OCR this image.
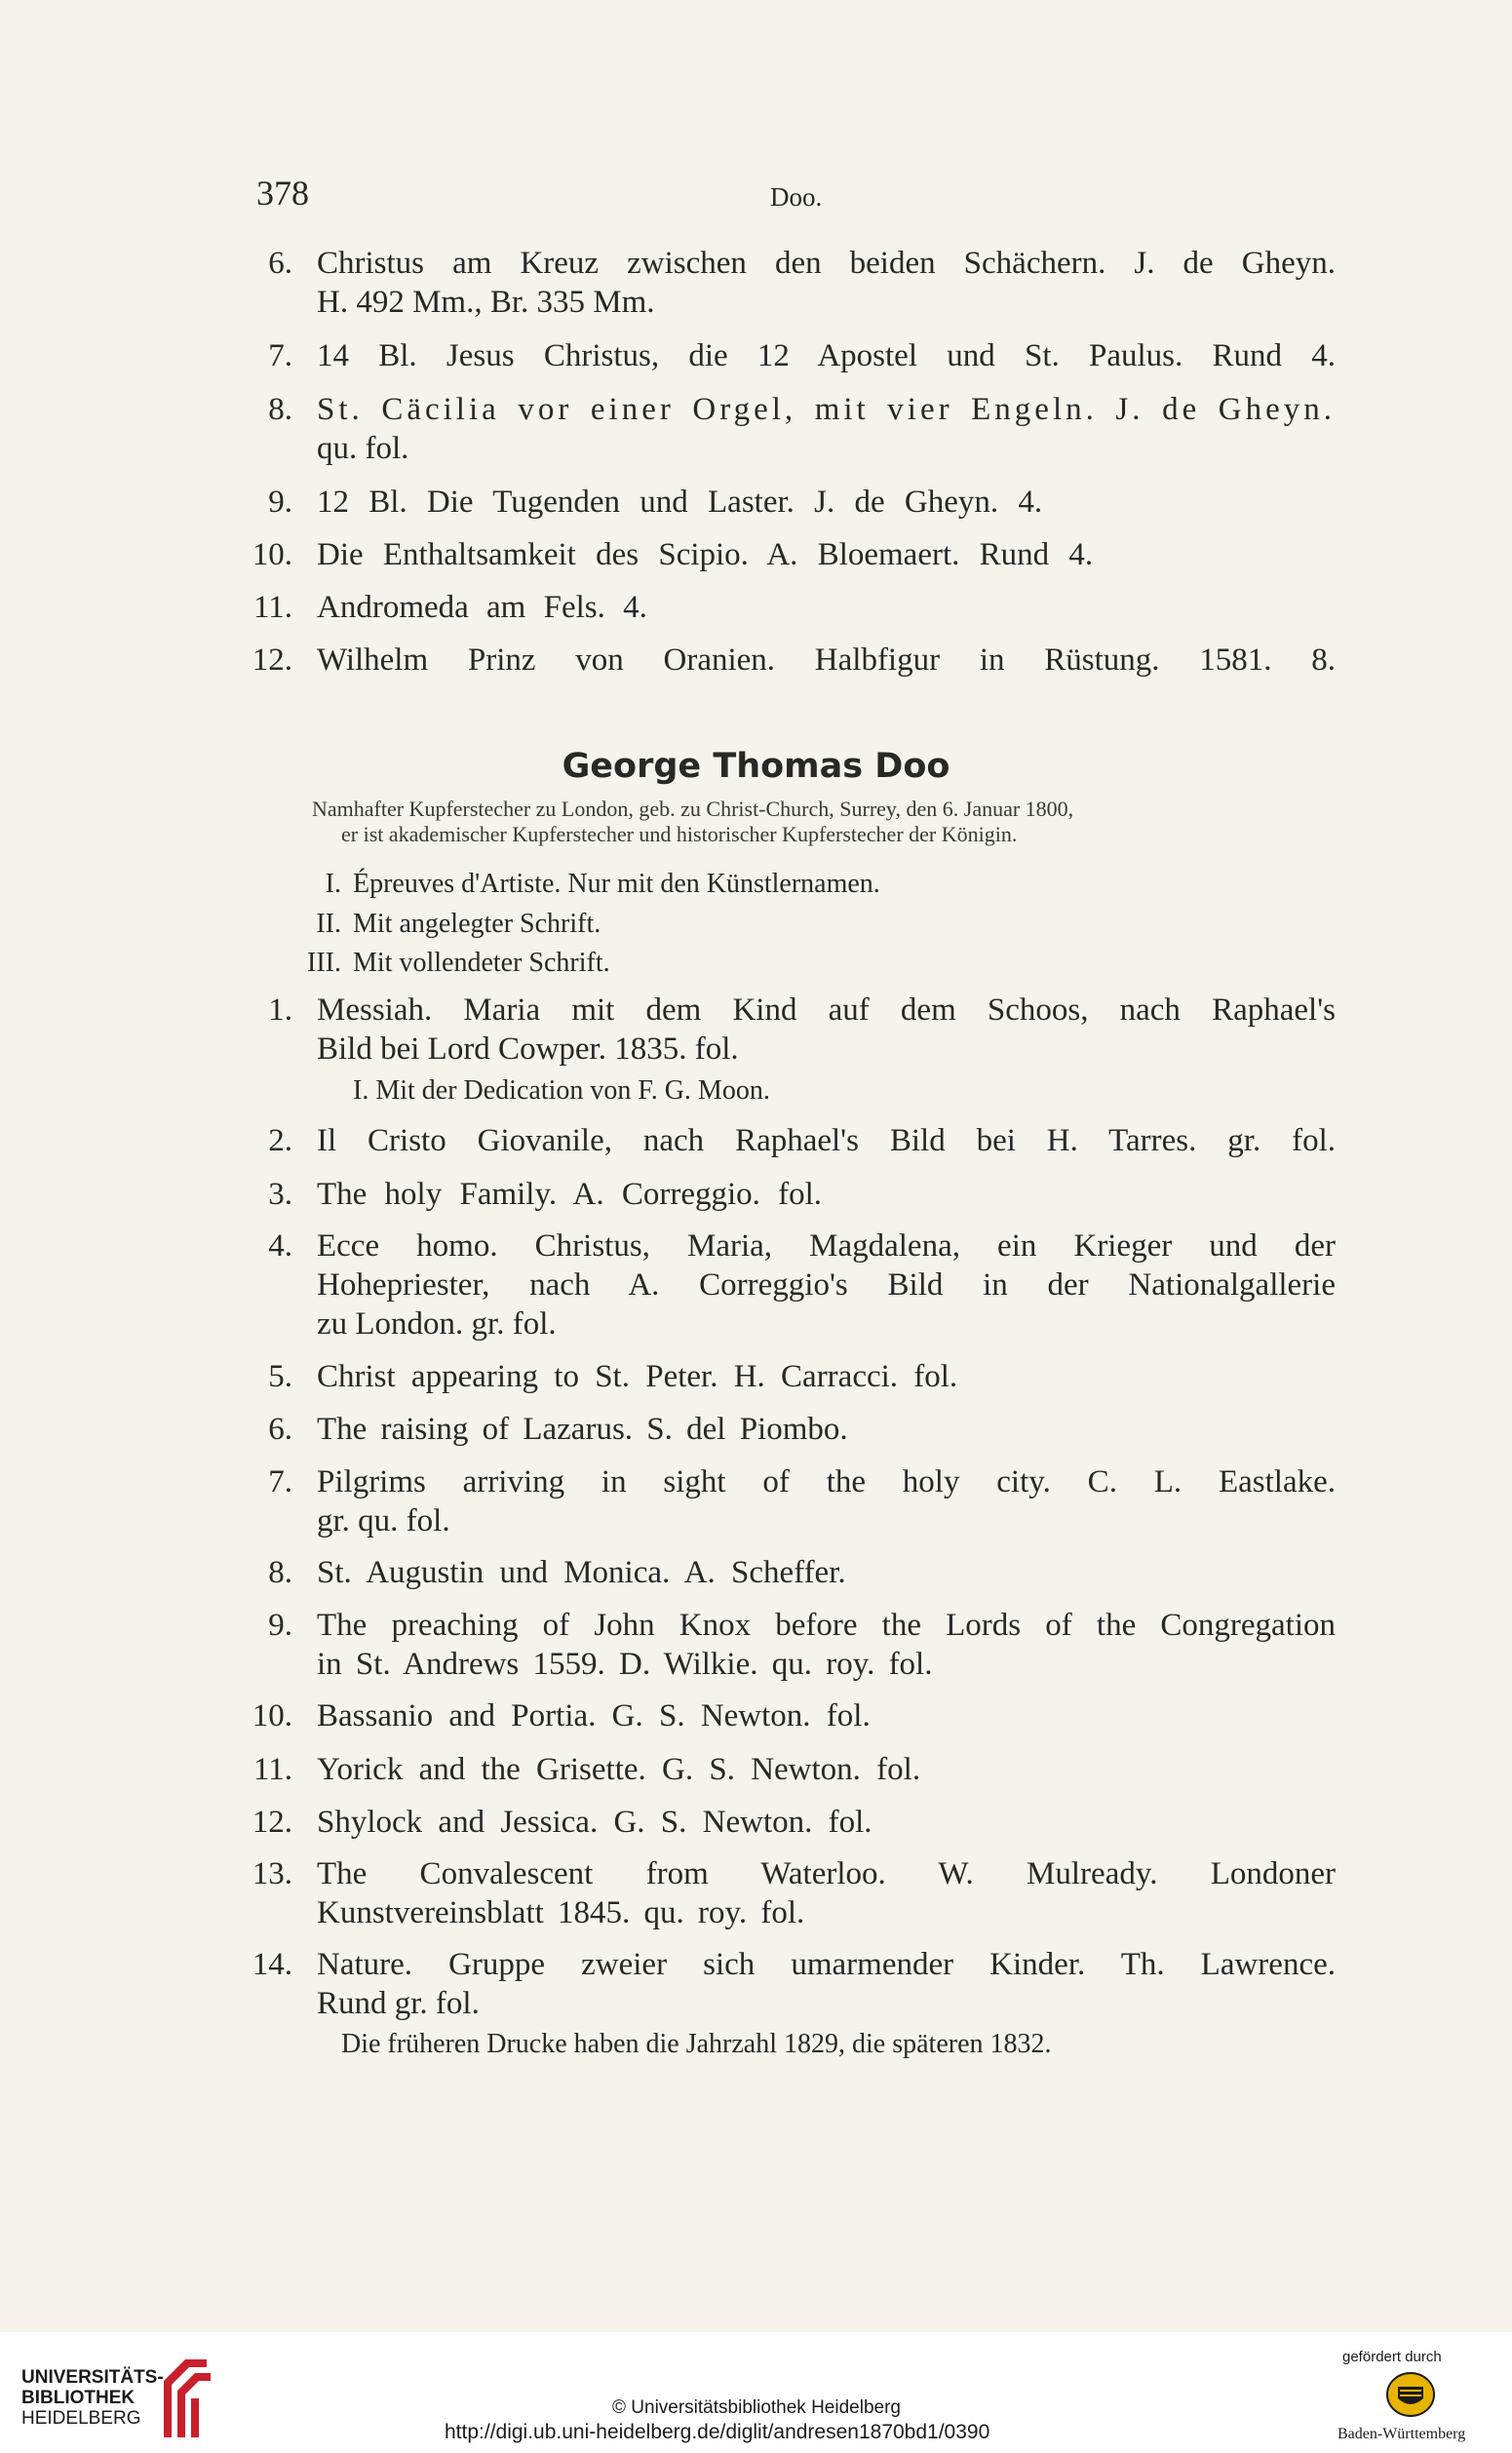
378	Doo.
6. Christus am Kreuz zwischen den beiden Schächern. J. de Gheyn.
H. 492 Mm., Br. 335 Mm.
7. 14 Bl. Jesus Christus, die 12 Apostel und St. Paulus. Rund 4.
8. St. Cäcilia vor einer Orgel, mit vier Engeln. J. de Gheyn.
qu. fol.
9. 12 Bl. Die Tugenden und Laster. J. de Gheyn. 4.
10. Die Enthaltsamkeit des Scipio. A. Bloemaert. Rund 4.
11. Andromeda am Fels. 4.
12. Wilhelm Prinz von Oranien. Halbfigur in Rüstung. 1581. 8.
George Thomas Doo
Namhafter Kupferstecher zu London, geb. zu Christ-Church, Surrey, den 6. Januar 1800,
er ist akademischer Kupferstecher und historischer Kupferstecher der Königin.
I. Épreuves d'Artiste. Nur mit den Künstlernamen.
II. Mit angelegter Schrift.
III. Mit vollendeter Schrift.
1. Messiah. Maria mit dem Kind auf dem Schoos, nach Raphael's
Bild bei Lord Cowper. 1835. fol.
I. Mit der Dedication von F. G. Moon.
2. Il Cristo Giovanile, nach Raphael's Bild bei H. Tarres. gr. fol.
3. The holy Family. A. Correggio. fol.
4. Ecce homo. Christus, Maria, Magdalena, ein Krieger und der
Hohepriester, nach A. Correggio's Bild in der Nationalgallerie
zu London. gr. fol.
5. Christ appearing to St. Peter. H. Carracci. fol.
6. The raising of Lazarus. S. del Piombo.
7. Pilgrims arriving in sight of the holy city. C. L. Eastlake.
gr. qu. fol.
8. St. Augustin und Monica. A. Scheffer.
9. The preaching of John Knox before the Lords of the Congregation
in St. Andrews 1559. D. Wilkie. qu. roy. fol.
10. Bassanio and Portia. G. S. Newton. fol.
11. Yorick and the Grisette. G. S. Newton. fol.
12. Shylock and Jessica. G. S. Newton. fol.
13. The Convalescent from Waterloo. W. Mulready. Londoner
Kunstvereinsblatt 1845. qu. roy. fol.
14. Nature. Gruppe zweier sich umarmender Kinder. Th. Lawrence.
Rund gr. fol.
Die früheren Drucke haben die Jahrzahl 1829, die späteren 1832.
UNIVERSITÄTS-
BIBLIOTHEK
HEIDELBERG
© Universitätsbibliothek Heidelberg
http://digi.ub.uni-heidelberg.de/diglit/andresen1870bd1/0390
gefördert durch
Baden-Württemberg
